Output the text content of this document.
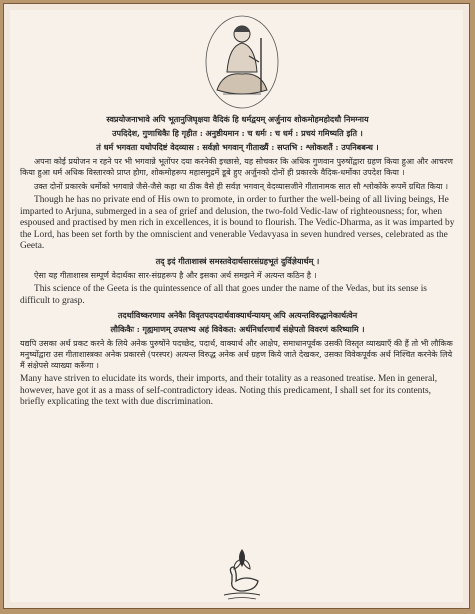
स्वप्रयोजनाभावे अपि भूतानुजिघृक्षया वैदिकं हि धर्मद्वयम् अर्जुनाय शोकमोहमहोदधौ निमग्नाय

उपदिदेश, गुणाधिकैः हि गृहीत : अनुष्ठीयमान : च धर्मः : च धर्म : प्रचयं गमिष्यति इति ।

तं धर्म भगवता यथोपदिष्टं वेदव्यास : सर्वज्ञो भगवान् गीताख्यैं : सप्तभि : श्लोकशतैं : उपनिबबन्ध ।

अपना कोई प्रयोजन न रहने पर भी भगवान्ने भूतोंपर दया करनेकी इच्छासे, यह सोचकर कि अधिक गुणवान पुरुषोंद्वारा ग्रहण किया हुआ और आचरण किया हुआ धर्म अधिक विस्तारको प्राप्त होगा, शोकमोहरूप महासमुद्रमें डूबे हुए अर्जुनको दोनों ही प्रकारके वैदिक-धर्मोका उपदेश किया ।

उक्त दोनों प्रकारके धर्मोको भगवान्ने जैसे-जैसे कहा था ठीक वैसे ही सर्वज्ञ भगवान् वेदव्यासजीने गीतानामक सात सौ श्लोकोंके रूपमें ग्रथित किया ।

Though he has no private end of His own to promote, in order to further the well-being of all living beings, He imparted to Arjuna, submerged in a sea of grief and delusion, the two-fold Vedic-law of righteousness; for, when espoused and practised by men rich in excellences, it is bound to flourish. The Vedic-Dharma, as it was imparted by the Lord, has been set forth by the omniscient and venerable Vedavyasa in seven hundred verses, celebrated as the Geeta.

तद् इदं गीताशास्त्रं समस्तवेदार्थसारसंग्रहभूतं दुर्विज्ञेयार्थम् ।

ऐसा यह गीताशास्त्र सम्पूर्ण वेदार्थका सार-संग्रहरूप है और इसका अर्थ समझने में अत्यन्त कठिन है ।

This science of the Geeta is the quintessence of all that goes under the name of the Vedas, but its sense is difficult to grasp.

तदर्थाविष्करणाय अनेकैः विवृतपदपदार्थवाक्यार्थन्यायम् अपि अत्यन्तविरुद्धानेकार्थत्वेन

लौकिकैः : गृह्यमाणम् उपलभ्य अहं विवेकत: अर्थनिर्धारणार्थं संक्षेपतो विवरणं करिष्यामि ।

यद्यपि उसका अर्थ प्रकट करने के लिये अनेक पुरुषोंने पदच्छेद, पदार्थ, वाक्यार्थ और आक्षेप, समाधानपूर्वक उसकी विस्तृत व्याख्याएँ की हैं तो भी लौकिक मनुष्योंद्वारा उस गीताशास्त्रका अनेक प्रकारसे (परस्पर) अत्यन्त विरुद्ध अनेक अर्थ ग्रहण किये जाते देखकर, उसका विवेकपूर्वक अर्थ निश्चित करनेके लिये मैं संक्षेपसे व्याख्या करूँगा ।

Many have striven to elucidate its words, their imports, and their totality as a reasoned treatise. Men in general, however, have got it as a mass of self-contradictory ideas. Noting this predicament, I shall set for its contents, briefly explicating the text with due discrimination.
